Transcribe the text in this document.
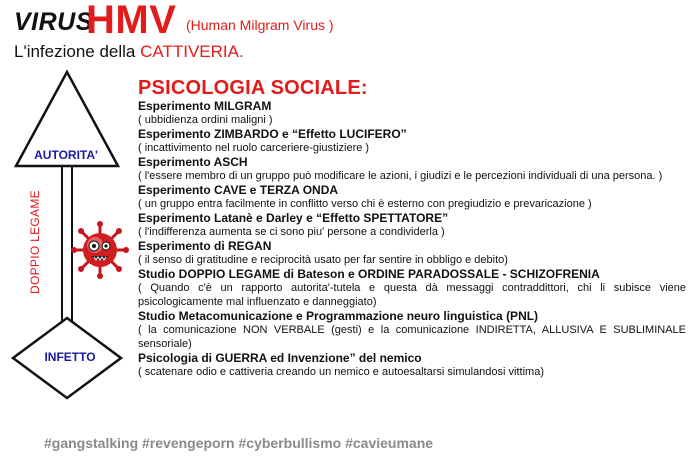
VIRUS
HMV (Human Milgram Virus )
L'infezione della CATTIVERIA.
AUTORITA'
INFETTO
DOPPIO LEGAME
PSICOLOGIA SOCIALE:
Esperimento MILGRAM
( ubbidienza ordini maligni )
Esperimento ZIMBARDO e “Effetto LUCIFERO”
( incattivimento nel ruolo carceriere-giustiziere )
Esperimento ASCH
( l'essere membro di un gruppo può modificare le azioni, i giudizi e le percezioni individuali di una persona. )
Esperimento CAVE e TERZA ONDA
( un gruppo entra facilmente in conflitto verso chi è esterno con pregiudizio e prevaricazione )
Esperimento Latanè e Darley e “Effetto SPETTATORE”
( l'indifferenza aumenta se ci sono piu' persone a condividerla )
Esperimento di REGAN
( il senso di gratitudine e reciprocità usato per far sentire in obbligo e debito)
Studio DOPPIO LEGAME di Bateson e ORDINE PARADOSSALE - SCHIZOFRENIA
( Quando c'è un rapporto autorita'-tutela e questa dà messaggi contraddittori, chi li subisce viene psicologicamente mal influenzato e danneggiato)
Studio Metacomunicazione e Programmazione neuro linguistica (PNL)
( la comunicazione NON VERBALE (gesti) e la comunicazione INDIRETTA, ALLUSIVA E SUBLIMINALE sensoriale)
Psicologia di GUERRA ed Invenzione” del nemico
( scatenare odio e cattiveria creando un nemico e autoesaltarsi simulandosi vittima)
#gangstalking #revengeporn #cyberbullismo #cavieumane
